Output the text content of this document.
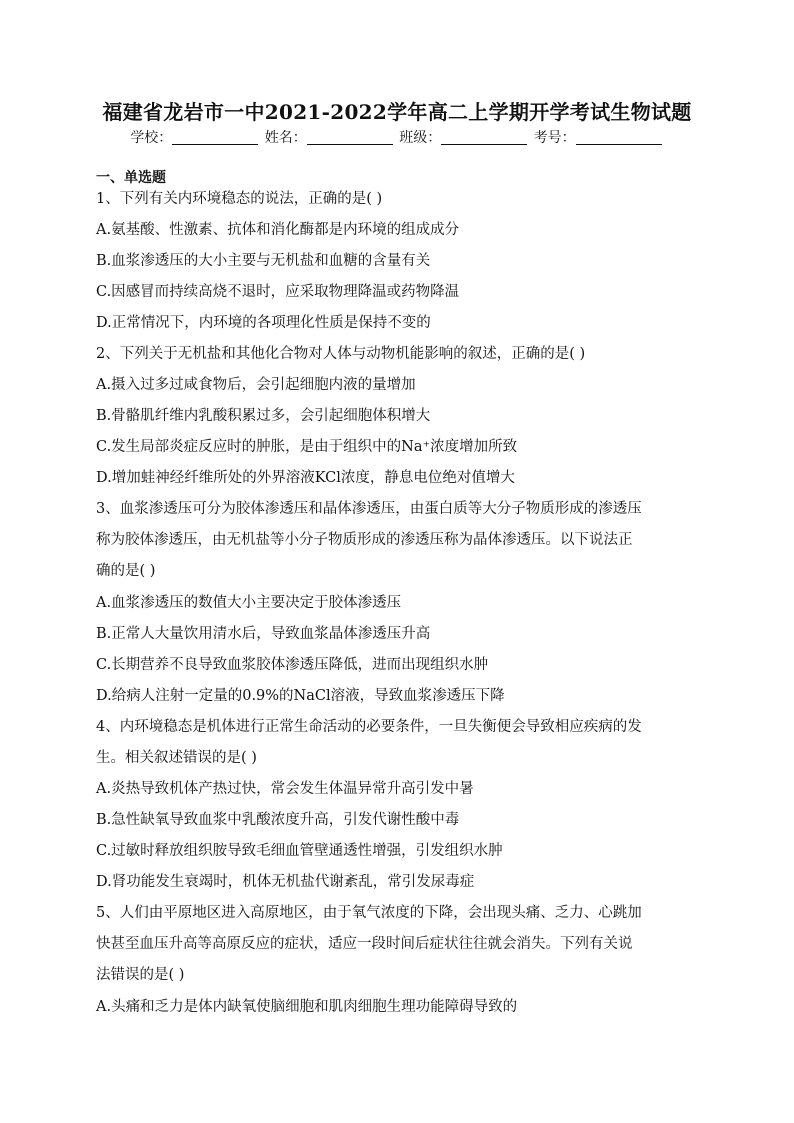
福建省龙岩市一中2021-2022学年高二上学期开学考试生物试题
学校：	姓名：	班级：	考号：
一、单选题
1、下列有关内环境稳态的说法，正确的是( )
A.氨基酸、性激素、抗体和消化酶都是内环境的组成成分
B.血浆渗透压的大小主要与无机盐和血糖的含量有关
C.因感冒而持续高烧不退时，应采取物理降温或药物降温
D.正常情况下，内环境的各项理化性质是保持不变的
2、下列关于无机盐和其他化合物对人体与动物机能影响的叙述，正确的是( )
A.摄入过多过咸食物后，会引起细胞内液的量增加
B.骨骼肌纤维内乳酸积累过多，会引起细胞体积增大
C.发生局部炎症反应时的肿胀，是由于组织中的Na⁺浓度增加所致
D.增加蛙神经纤维所处的外界溶液KCl浓度，静息电位绝对值增大
3、血浆渗透压可分为胶体渗透压和晶体渗透压，由蛋白质等大分子物质形成的渗透压
称为胶体渗透压，由无机盐等小分子物质形成的渗透压称为晶体渗透压。以下说法正
确的是( )
A.血浆渗透压的数值大小主要决定于胶体渗透压
B.正常人大量饮用清水后，导致血浆晶体渗透压升高
C.长期营养不良导致血浆胶体渗透压降低，进而出现组织水肿
D.给病人注射一定量的0.9%的NaCl溶液，导致血浆渗透压下降
4、内环境稳态是机体进行正常生命活动的必要条件，一旦失衡便会导致相应疾病的发
生。相关叙述错误的是( )
A.炎热导致机体产热过快，常会发生体温异常升高引发中暑
B.急性缺氧导致血浆中乳酸浓度升高，引发代谢性酸中毒
C.过敏时释放组织胺导致毛细血管壁通透性增强，引发组织水肿
D.肾功能发生衰竭时，机体无机盐代谢紊乱，常引发尿毒症
5、人们由平原地区进入高原地区，由于氧气浓度的下降，会出现头痛、乏力、心跳加
快甚至血压升高等高原反应的症状，适应一段时间后症状往往就会消失。下列有关说
法错误的是( )
A.头痛和乏力是体内缺氧使脑细胞和肌肉细胞生理功能障碍导致的
